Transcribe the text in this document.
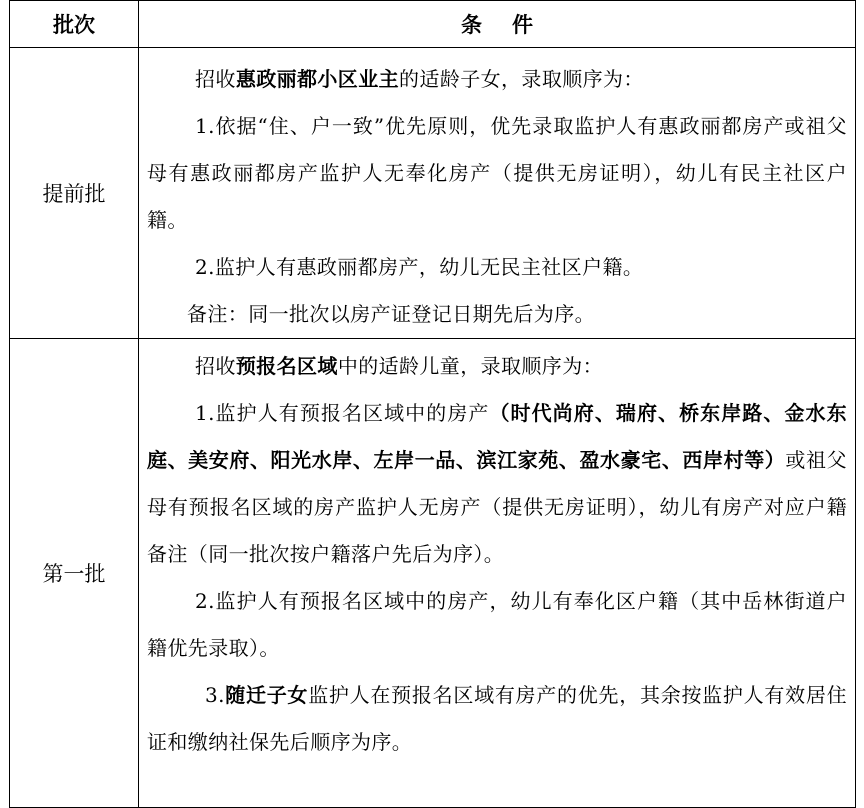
批次	条件
提前批	招收惠政丽都小区业主的适龄子女，录取顺序为：

1.依据“住、户一致”优先原则，优先录取监护人有惠政丽都房产或祖父母有惠政丽都房产监护人无奉化房产（提供无房证明），幼儿有民主社区户籍。

2.监护人有惠政丽都房产，幼儿无民主社区户籍。

备注：同一批次以房产证登记日期先后为序。

第一批	招收预报名区域中的适龄儿童，录取顺序为：

1.监护人有预报名区域中的房产（时代尚府、瑞府、桥东岸路、金水东庭、美安府、阳光水岸、左岸一品、滨江家苑、盈水豪宅、西岸村等）或祖父母有预报名区域的房产监护人无房产（提供无房证明），幼儿有房产对应户籍备注（同一批次按户籍落户先后为序）。

2.监护人有预报名区域中的房产，幼儿有奉化区户籍（其中岳林街道户籍优先录取）。

3.随迁子女监护人在预报名区域有房产的优先，其余按监护人有效居住证和缴纳社保先后顺序为序。
